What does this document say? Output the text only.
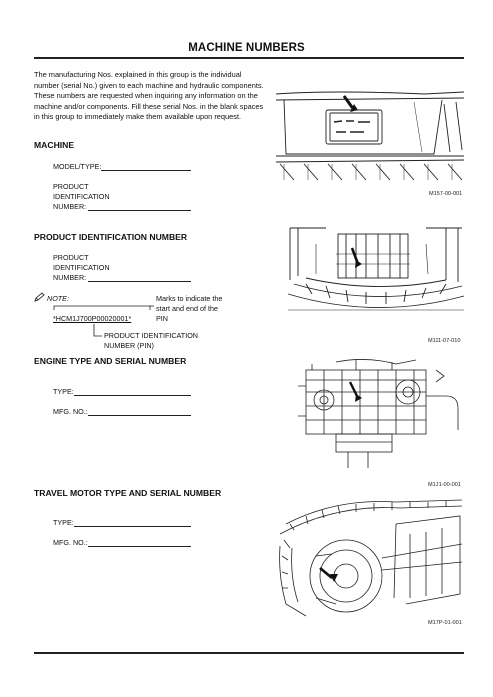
MACHINE NUMBERS
The manufacturing Nos. explained in this group is the individual number (serial No.) given to each machine and hydraulic components. These numbers are requested when inquiring any information on the machine and/or components. Fill these serial Nos. in the blank spaces in this group to immediately make them available upon request.
MACHINE
MODEL/TYPE:
PRODUCT
IDENTIFICATION
NUMBER:
PRODUCT IDENTIFICATION NUMBER
PRODUCT
IDENTIFICATION
NUMBER:
NOTE:	Marks to indicate the
start and end of the
PIN
*HCM1J700P00020001*
PRODUCT IDENTIFICATION
NUMBER (PIN)
ENGINE TYPE AND SERIAL NUMBER
TYPE:
MFG. NO.:
TRAVEL MOTOR TYPE AND SERIAL NUMBER
TYPE:
MFG. NO.:
M157-00-001
M111-07-010
M1J1-00-001
M17P-01-001
